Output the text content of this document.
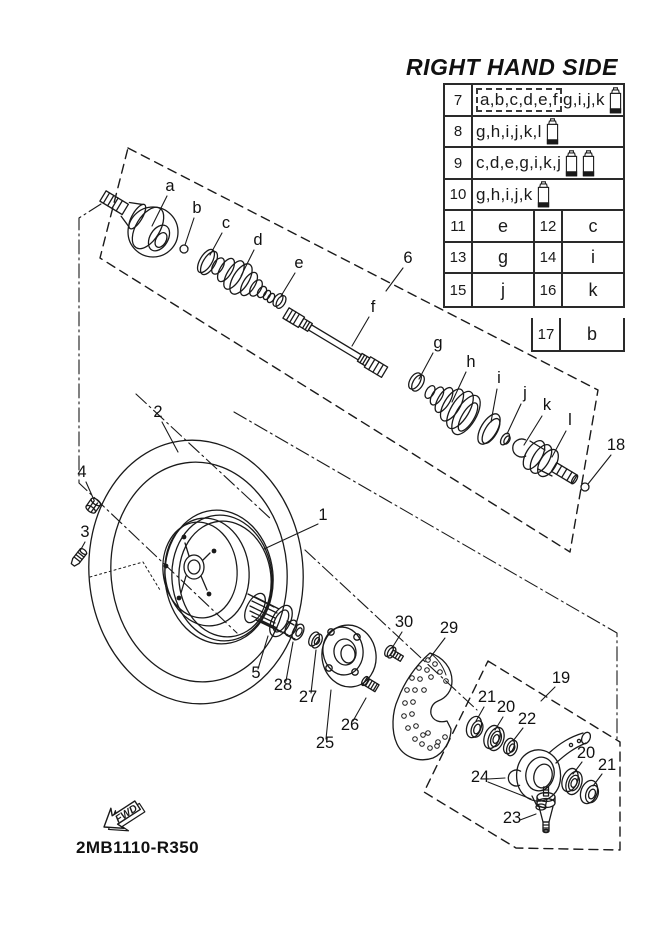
FWD
a
b
c
d
e
f
g
h
i
j
k
l
6
18
2
4
3
1
5
28
27
25
26
30 29
19
21
20
22
24
23
20
21
RIGHT HAND SIDE
7	a,b,c,d,e,f g,i,j,k
8 g,h,i,j,k,l
9 c,d,e,g,i,k,j
10 g,h,i,j,k
11	e	12	c
13	g	14	i
15	j	16	k
17	b
2MB1110-R350
